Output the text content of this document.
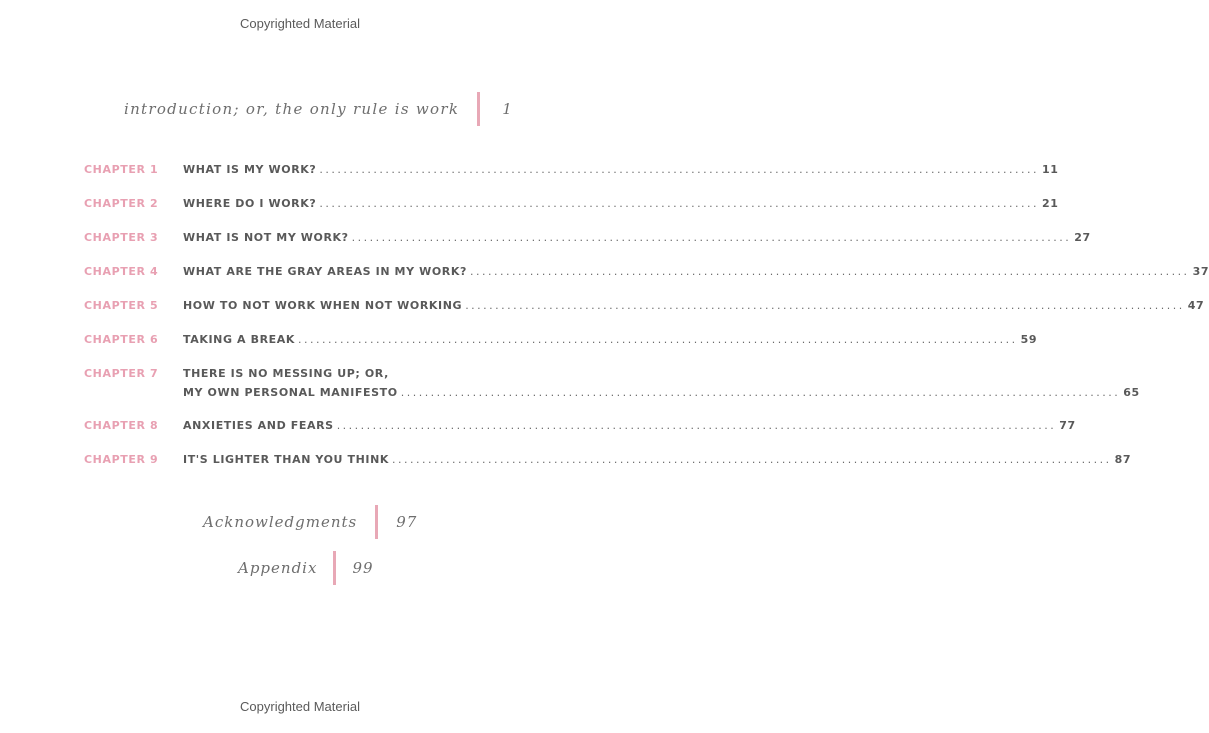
Copyrighted Material
introduction; or, the only rule is work	1
CHAPTER 1	WHAT IS MY WORK? .....	11
CHAPTER 2	WHERE DO I WORK? .....	21
CHAPTER 3	WHAT IS NOT MY WORK? .....	27
CHAPTER 4	WHAT ARE THE GRAY AREAS IN MY WORK? .....	37
CHAPTER 5	HOW TO NOT WORK WHEN NOT WORKING .....	47
CHAPTER 6	TAKING A BREAK .....	59
CHAPTER 7	THERE IS NO MESSING UP; OR,
MY OWN PERSONAL MANIFESTO .....	65
CHAPTER 8	ANXIETIES AND FEARS .....	77
CHAPTER 9	IT'S LIGHTER THAN YOU THINK .....	87
Acknowledgments	97
Appendix 99
Copyrighted Material
